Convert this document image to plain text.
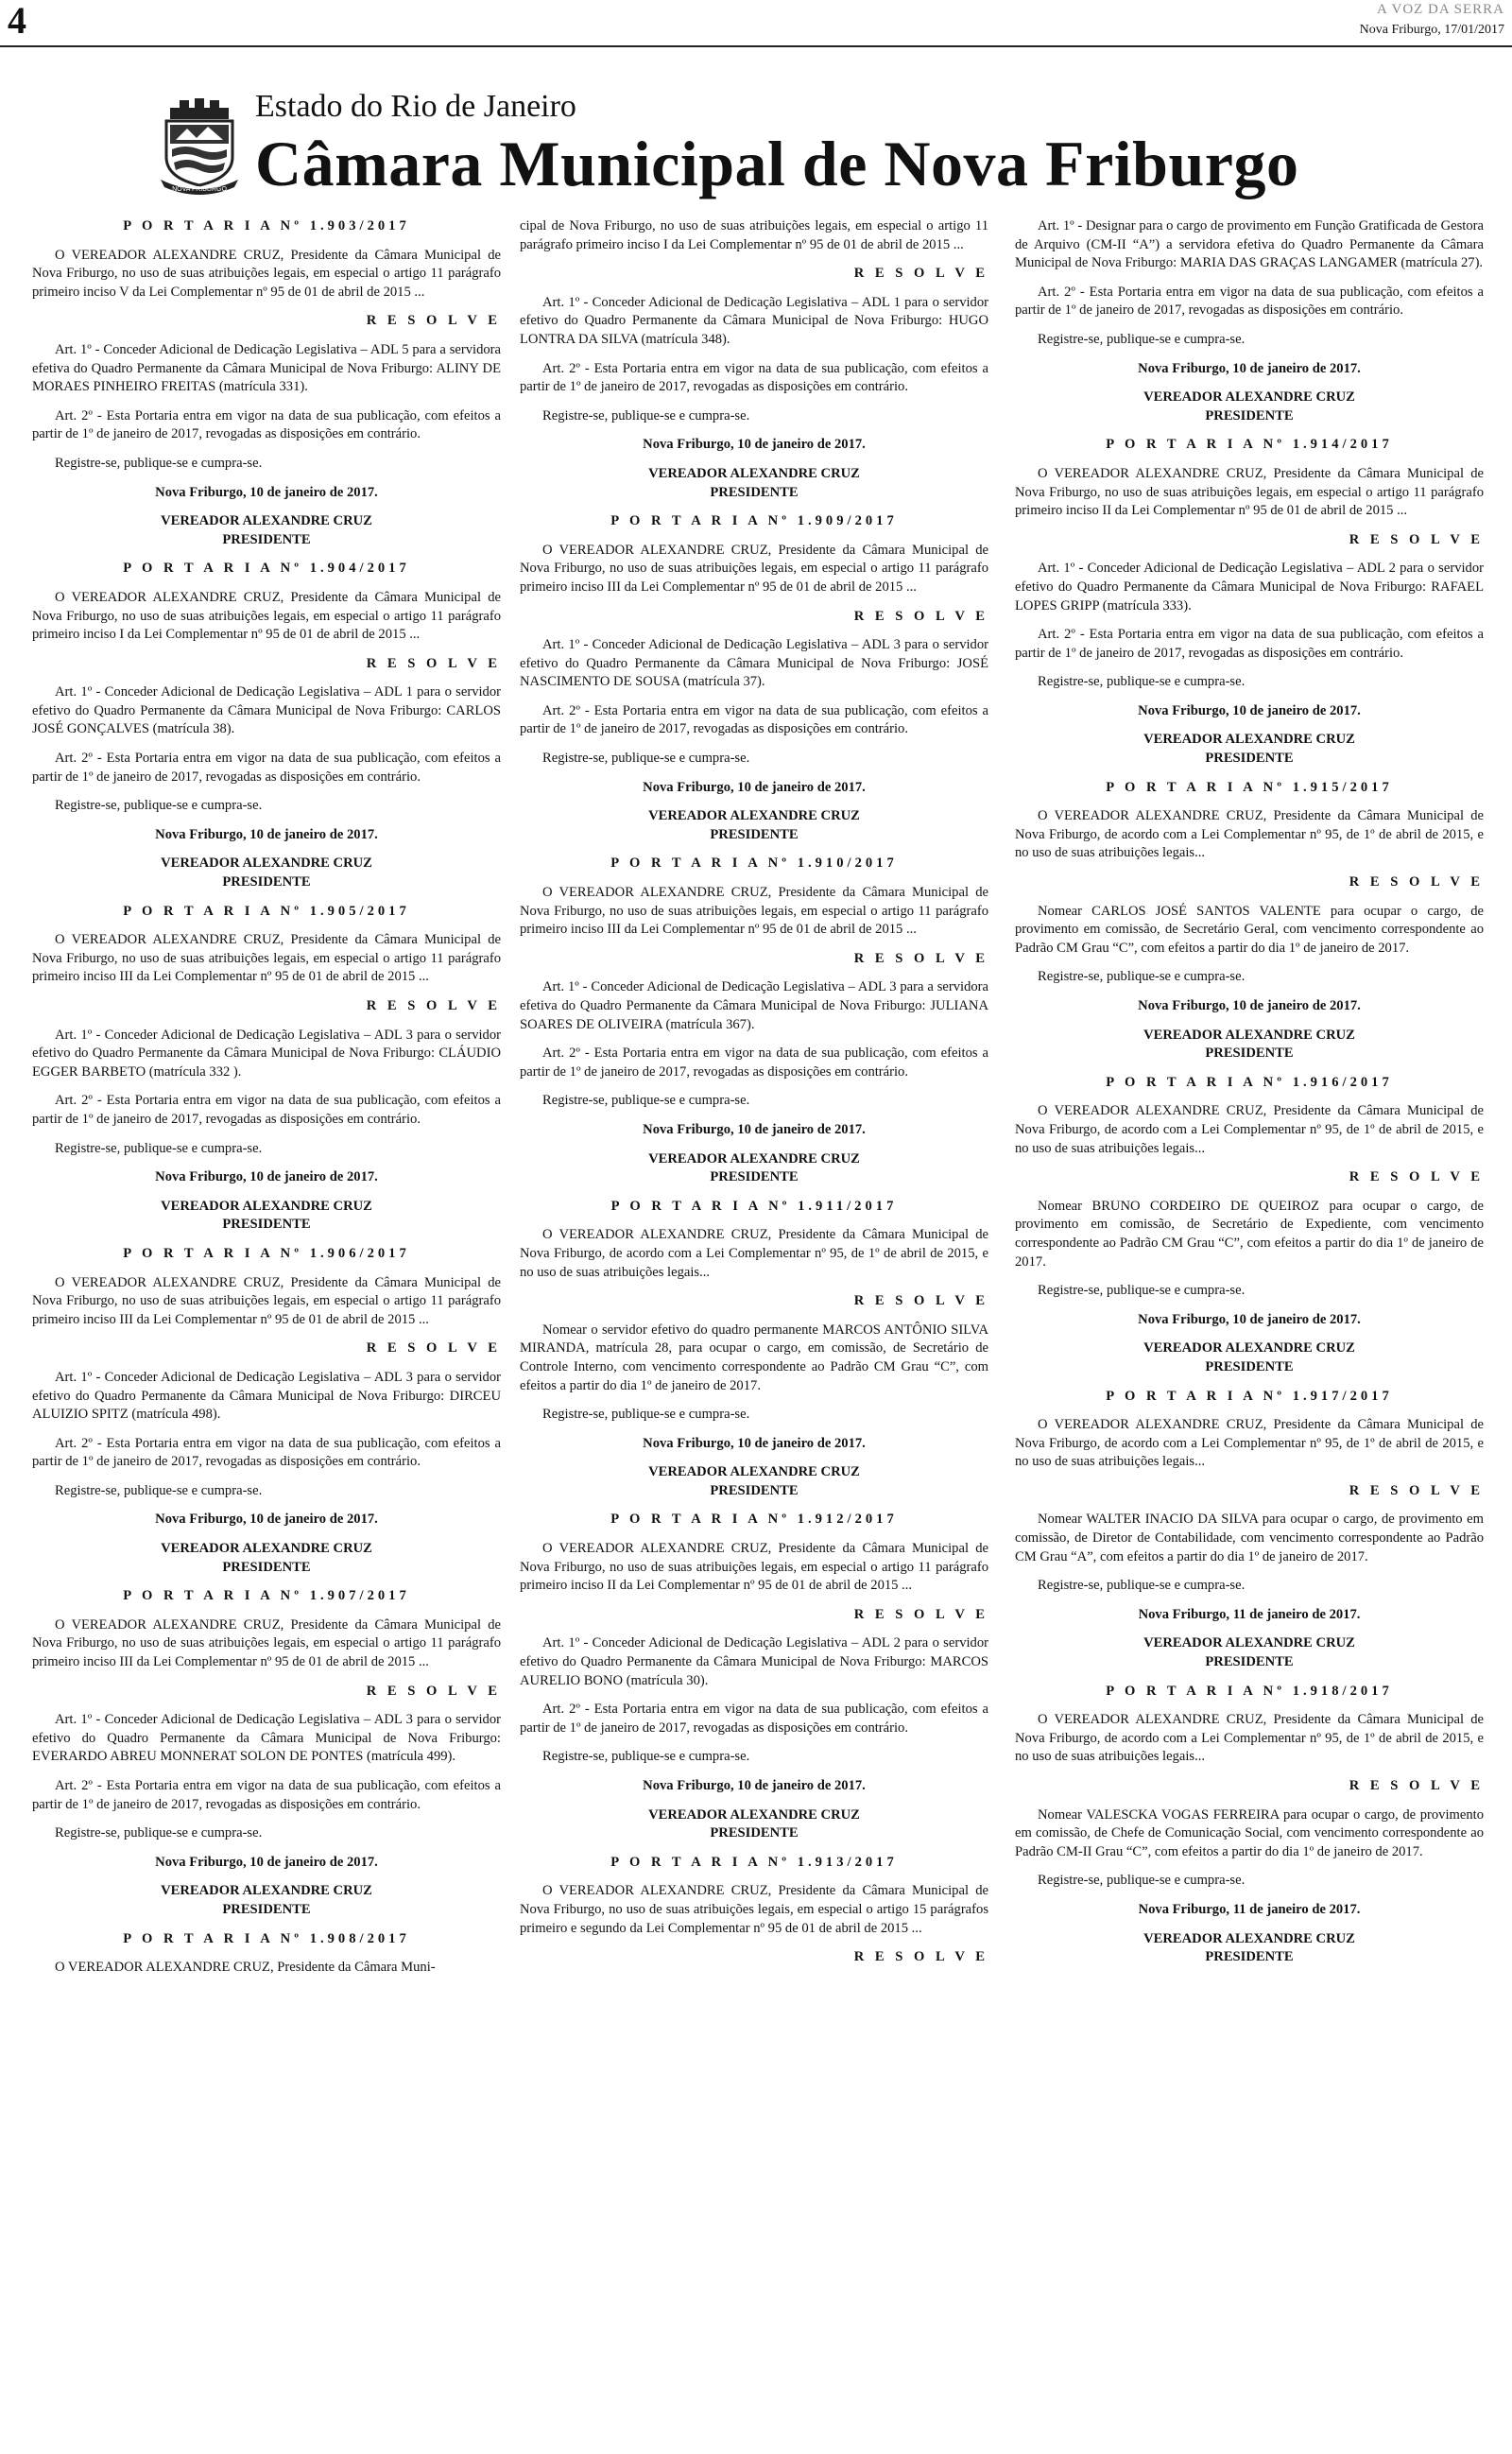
4	A VOZ DA SERRA
Nova Friburgo, 17/01/2017
NOVA FRIBURGO
Estado do Rio de Janeiro
Câmara Municipal de Nova Friburgo

P O R T A R I A Nº 1.903/2017

O VEREADOR ALEXANDRE CRUZ, Presidente da Câmara Municipal de Nova Friburgo, no uso de suas atribuições legais, em especial o artigo 11 parágrafo primeiro inciso V da Lei Complementar nº 95 de 01 de abril de 2015 ...

R E S O L V E

Art. 1º - Conceder Adicional de Dedicação Legislativa – ADL 5 para a servidora efetiva do Quadro Permanente da Câmara Municipal de Nova Friburgo: ALINY DE MORAES PINHEIRO FREITAS (matrícula 331).

Art. 2º - Esta Portaria entra em vigor na data de sua publicação, com efeitos a partir de 1º de janeiro de 2017, revogadas as disposições em contrário.

Registre-se, publique-se e cumpra-se.

Nova Friburgo, 10 de janeiro de 2017.

VEREADOR ALEXANDRE CRUZ

PRESIDENTE

P O R T A R I A Nº 1.904/2017

O VEREADOR ALEXANDRE CRUZ, Presidente da Câmara Municipal de Nova Friburgo, no uso de suas atribuições legais, em especial o artigo 11 parágrafo primeiro inciso I da Lei Complementar nº 95 de 01 de abril de 2015 ...

R E S O L V E

Art. 1º - Conceder Adicional de Dedicação Legislativa – ADL 1 para o servidor efetivo do Quadro Permanente da Câmara Municipal de Nova Friburgo: CARLOS JOSÉ GONÇALVES (matrícula 38).

Art. 2º - Esta Portaria entra em vigor na data de sua publicação, com efeitos a partir de 1º de janeiro de 2017, revogadas as disposições em contrário.

Registre-se, publique-se e cumpra-se.

Nova Friburgo, 10 de janeiro de 2017.

VEREADOR ALEXANDRE CRUZ

PRESIDENTE

P O R T A R I A Nº 1.905/2017

O VEREADOR ALEXANDRE CRUZ, Presidente da Câmara Municipal de Nova Friburgo, no uso de suas atribuições legais, em especial o artigo 11 parágrafo primeiro inciso III da Lei Complementar nº 95 de 01 de abril de 2015 ...

R E S O L V E

Art. 1º - Conceder Adicional de Dedicação Legislativa – ADL 3 para o servidor efetivo do Quadro Permanente da Câmara Municipal de Nova Friburgo: CLÁUDIO EGGER BARBETO (matrícula 332 ).

Art. 2º - Esta Portaria entra em vigor na data de sua publicação, com efeitos a partir de 1º de janeiro de 2017, revogadas as disposições em contrário.

Registre-se, publique-se e cumpra-se.

Nova Friburgo, 10 de janeiro de 2017.

VEREADOR ALEXANDRE CRUZ

PRESIDENTE

P O R T A R I A Nº 1.906/2017

O VEREADOR ALEXANDRE CRUZ, Presidente da Câmara Municipal de Nova Friburgo, no uso de suas atribuições legais, em especial o artigo 11 parágrafo primeiro inciso III da Lei Complementar nº 95 de 01 de abril de 2015 ...

R E S O L V E

Art. 1º - Conceder Adicional de Dedicação Legislativa – ADL 3 para o servidor efetivo do Quadro Permanente da Câmara Municipal de Nova Friburgo: DIRCEU ALUIZIO SPITZ (matrícula 498).

Art. 2º - Esta Portaria entra em vigor na data de sua publicação, com efeitos a partir de 1º de janeiro de 2017, revogadas as disposições em contrário.

Registre-se, publique-se e cumpra-se.

Nova Friburgo, 10 de janeiro de 2017.

VEREADOR ALEXANDRE CRUZ

PRESIDENTE

P O R T A R I A Nº 1.907/2017

O VEREADOR ALEXANDRE CRUZ, Presidente da Câmara Municipal de Nova Friburgo, no uso de suas atribuições legais, em especial o artigo 11 parágrafo primeiro inciso III da Lei Complementar nº 95 de 01 de abril de 2015 ...

R E S O L V E

Art. 1º - Conceder Adicional de Dedicação Legislativa – ADL 3 para o servidor efetivo do Quadro Permanente da Câmara Municipal de Nova Friburgo: EVERARDO ABREU MONNERAT SOLON DE PONTES (matrícula 499).

Art. 2º - Esta Portaria entra em vigor na data de sua publicação, com efeitos a partir de 1º de janeiro de 2017, revogadas as disposições em contrário.

Registre-se, publique-se e cumpra-se.

Nova Friburgo, 10 de janeiro de 2017.

VEREADOR ALEXANDRE CRUZ

PRESIDENTE

P O R T A R I A Nº 1.908/2017

O VEREADOR ALEXANDRE CRUZ, Presidente da Câmara Muni-

cipal de Nova Friburgo, no uso de suas atribuições legais, em especial o artigo 11 parágrafo primeiro inciso I da Lei Complementar nº 95 de 01 de abril de 2015 ...

R E S O L V E

Art. 1º - Conceder Adicional de Dedicação Legislativa – ADL 1 para o servidor efetivo do Quadro Permanente da Câmara Municipal de Nova Friburgo: HUGO LONTRA DA SILVA (matrícula 348).

Art. 2º - Esta Portaria entra em vigor na data de sua publicação, com efeitos a partir de 1º de janeiro de 2017, revogadas as disposições em contrário.

Registre-se, publique-se e cumpra-se.

Nova Friburgo, 10 de janeiro de 2017.

VEREADOR ALEXANDRE CRUZ

PRESIDENTE

P O R T A R I A Nº 1.909/2017

O VEREADOR ALEXANDRE CRUZ, Presidente da Câmara Municipal de Nova Friburgo, no uso de suas atribuições legais, em especial o artigo 11 parágrafo primeiro inciso III da Lei Complementar nº 95 de 01 de abril de 2015 ...

R E S O L V E

Art. 1º - Conceder Adicional de Dedicação Legislativa – ADL 3 para o servidor efetivo do Quadro Permanente da Câmara Municipal de Nova Friburgo: JOSÉ NASCIMENTO DE SOUSA (matrícula 37).

Art. 2º - Esta Portaria entra em vigor na data de sua publicação, com efeitos a partir de 1º de janeiro de 2017, revogadas as disposições em contrário.

Registre-se, publique-se e cumpra-se.

Nova Friburgo, 10 de janeiro de 2017.

VEREADOR ALEXANDRE CRUZ

PRESIDENTE

P O R T A R I A Nº 1.910/2017

O VEREADOR ALEXANDRE CRUZ, Presidente da Câmara Municipal de Nova Friburgo, no uso de suas atribuições legais, em especial o artigo 11 parágrafo primeiro inciso III da Lei Complementar nº 95 de 01 de abril de 2015 ...

R E S O L V E

Art. 1º - Conceder Adicional de Dedicação Legislativa – ADL 3 para a servidora efetiva do Quadro Permanente da Câmara Municipal de Nova Friburgo: JULIANA SOARES DE OLIVEIRA (matrícula 367).

Art. 2º - Esta Portaria entra em vigor na data de sua publicação, com efeitos a partir de 1º de janeiro de 2017, revogadas as disposições em contrário.

Registre-se, publique-se e cumpra-se.

Nova Friburgo, 10 de janeiro de 2017.

VEREADOR ALEXANDRE CRUZ

PRESIDENTE

P O R T A R I A Nº 1.911/2017

O VEREADOR ALEXANDRE CRUZ, Presidente da Câmara Municipal de Nova Friburgo, de acordo com a Lei Complementar nº 95, de 1º de abril de 2015, e no uso de suas atribuições legais...

R E S O L V E

Nomear o servidor efetivo do quadro permanente MARCOS ANTÔNIO SILVA MIRANDA, matrícula 28, para ocupar o cargo, em comissão, de Secretário de Controle Interno, com vencimento correspondente ao Padrão CM Grau “C”, com efeitos a partir do dia 1º de janeiro de 2017.

Registre-se, publique-se e cumpra-se.

Nova Friburgo, 10 de janeiro de 2017.

VEREADOR ALEXANDRE CRUZ

PRESIDENTE

P O R T A R I A Nº 1.912/2017

O VEREADOR ALEXANDRE CRUZ, Presidente da Câmara Municipal de Nova Friburgo, no uso de suas atribuições legais, em especial o artigo 11 parágrafo primeiro inciso II da Lei Complementar nº 95 de 01 de abril de 2015 ...

R E S O L V E

Art. 1º - Conceder Adicional de Dedicação Legislativa – ADL 2 para o servidor efetivo do Quadro Permanente da Câmara Municipal de Nova Friburgo: MARCOS AURELIO BONO (matrícula 30).

Art. 2º - Esta Portaria entra em vigor na data de sua publicação, com efeitos a partir de 1º de janeiro de 2017, revogadas as disposições em contrário.

Registre-se, publique-se e cumpra-se.

Nova Friburgo, 10 de janeiro de 2017.

VEREADOR ALEXANDRE CRUZ

PRESIDENTE

P O R T A R I A Nº 1.913/2017

O VEREADOR ALEXANDRE CRUZ, Presidente da Câmara Municipal de Nova Friburgo, no uso de suas atribuições legais, em especial o artigo 15 parágrafos primeiro e segundo da Lei Complementar nº 95 de 01 de abril de 2015 ...

R E S O L V E

Art. 1º - Designar para o cargo de provimento em Função Gratificada de Gestora de Arquivo (CM-II “A”) a servidora efetiva do Quadro Permanente da Câmara Municipal de Nova Friburgo: MARIA DAS GRAÇAS LANGAMER (matrícula 27).

Art. 2º - Esta Portaria entra em vigor na data de sua publicação, com efeitos a partir de 1º de janeiro de 2017, revogadas as disposições em contrário.

Registre-se, publique-se e cumpra-se.

Nova Friburgo, 10 de janeiro de 2017.

VEREADOR ALEXANDRE CRUZ

PRESIDENTE

P O R T A R I A Nº 1.914/2017

O VEREADOR ALEXANDRE CRUZ, Presidente da Câmara Municipal de Nova Friburgo, no uso de suas atribuições legais, em especial o artigo 11 parágrafo primeiro inciso II da Lei Complementar nº 95 de 01 de abril de 2015 ...

R E S O L V E

Art. 1º - Conceder Adicional de Dedicação Legislativa – ADL 2 para o servidor efetivo do Quadro Permanente da Câmara Municipal de Nova Friburgo: RAFAEL LOPES GRIPP (matrícula 333).

Art. 2º - Esta Portaria entra em vigor na data de sua publicação, com efeitos a partir de 1º de janeiro de 2017, revogadas as disposições em contrário.

Registre-se, publique-se e cumpra-se.

Nova Friburgo, 10 de janeiro de 2017.

VEREADOR ALEXANDRE CRUZ

PRESIDENTE

P O R T A R I A Nº 1.915/2017

O VEREADOR ALEXANDRE CRUZ, Presidente da Câmara Municipal de Nova Friburgo, de acordo com a Lei Complementar nº 95, de 1º de abril de 2015, e no uso de suas atribuições legais...

R E S O L V E

Nomear CARLOS JOSÉ SANTOS VALENTE para ocupar o cargo, de provimento em comissão, de Secretário Geral, com vencimento correspondente ao Padrão CM Grau “C”, com efeitos a partir do dia 1º de janeiro de 2017.

Registre-se, publique-se e cumpra-se.

Nova Friburgo, 10 de janeiro de 2017.

VEREADOR ALEXANDRE CRUZ

PRESIDENTE

P O R T A R I A Nº 1.916/2017

O VEREADOR ALEXANDRE CRUZ, Presidente da Câmara Municipal de Nova Friburgo, de acordo com a Lei Complementar nº 95, de 1º de abril de 2015, e no uso de suas atribuições legais...

R E S O L V E

Nomear BRUNO CORDEIRO DE QUEIROZ para ocupar o cargo, de provimento em comissão, de Secretário de Expediente, com vencimento correspondente ao Padrão CM Grau “C”, com efeitos a partir do dia 1º de janeiro de 2017.

Registre-se, publique-se e cumpra-se.

Nova Friburgo, 10 de janeiro de 2017.

VEREADOR ALEXANDRE CRUZ

PRESIDENTE

P O R T A R I A Nº 1.917/2017

O VEREADOR ALEXANDRE CRUZ, Presidente da Câmara Municipal de Nova Friburgo, de acordo com a Lei Complementar nº 95, de 1º de abril de 2015, e no uso de suas atribuições legais...

R E S O L V E

Nomear WALTER INACIO DA SILVA para ocupar o cargo, de provimento em comissão, de Diretor de Contabilidade, com vencimento correspondente ao Padrão CM Grau “A”, com efeitos a partir do dia 1º de janeiro de 2017.

Registre-se, publique-se e cumpra-se.

Nova Friburgo, 11 de janeiro de 2017.

VEREADOR ALEXANDRE CRUZ

PRESIDENTE

P O R T A R I A Nº 1.918/2017

O VEREADOR ALEXANDRE CRUZ, Presidente da Câmara Municipal de Nova Friburgo, de acordo com a Lei Complementar nº 95, de 1º de abril de 2015, e no uso de suas atribuições legais...

R E S O L V E

Nomear VALESCKA VOGAS FERREIRA para ocupar o cargo, de provimento em comissão, de Chefe de Comunicação Social, com vencimento correspondente ao Padrão CM-II Grau “C”, com efeitos a partir do dia 1º de janeiro de 2017.

Registre-se, publique-se e cumpra-se.

Nova Friburgo, 11 de janeiro de 2017.

VEREADOR ALEXANDRE CRUZ

PRESIDENTE
